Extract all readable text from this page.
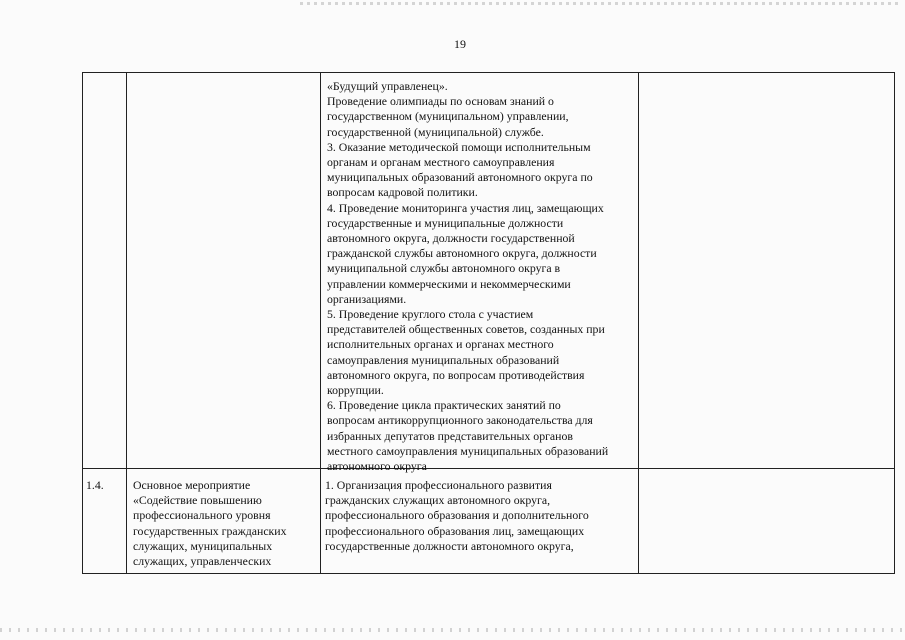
19
«Будущий управленец».
Проведение олимпиады по основам знаний о
государственном (муниципальном) управлении,
государственной (муниципальной) службе.
3. Оказание методической помощи исполнительным
органам и органам местного самоуправления
муниципальных образований автономного округа по
вопросам кадровой политики.
4. Проведение мониторинга участия лиц, замещающих
государственные и муниципальные должности
автономного округа, должности государственной
гражданской службы автономного округа, должности
муниципальной службы автономного округа в
управлении коммерческими и некоммерческими
организациями.
5. Проведение круглого стола с участием
представителей общественных советов, созданных при
исполнительных органах и органах местного
самоуправления муниципальных образований
автономного округа, по вопросам противодействия
коррупции.
6. Проведение цикла практических занятий по
вопросам антикоррупционного законодательства для
избранных депутатов представительных органов
местного самоуправления муниципальных образований
автономного округа
1.4. Основное мероприятие
«Содействие повышению
профессионального уровня
государственных гражданских
служащих, муниципальных
служащих, управленческих
1. Организация профессионального развития
гражданских служащих автономного округа,
профессионального образования и дополнительного
профессионального образования лиц, замещающих
государственные должности автономного округа,
